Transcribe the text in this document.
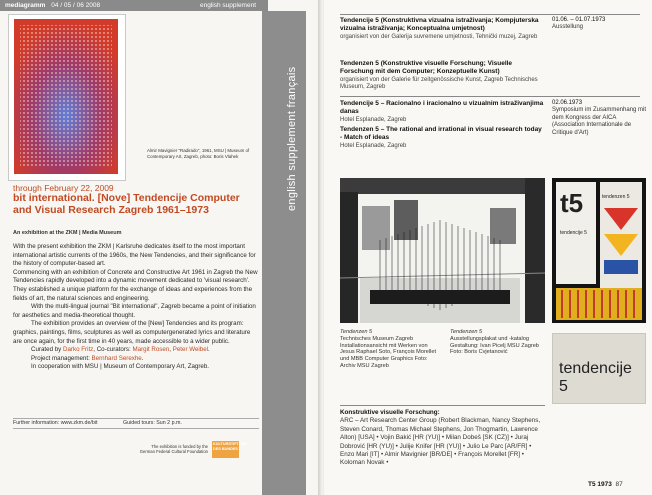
mediagramm 04 / 05 / 06 2008	english supplement
english supplement français
Almir Mavignier "Radirado", 1961, MSU | Museum of Contemporary Art, Zagreb, photo: Boris Vlahek
through February 22, 2009
bit international. [Nove] Tendencije Computer and Visual Research Zagreb 1961–1973
An exhibition at the ZKM | Media Museum

With the present exhibition the ZKM | Karlsruhe dedicates itself to the most important international artistic currents of the 1960s, the New Tendencies, and their significance for the history of computer-based art.

Commencing with an exhibition of Concrete and Constructive Art 1961 in Zagreb the New Tendencies rapidly developed into a dynamic movement dedicated to 'visual research'. They established a unique platform for the exchange of ideas and experiences from the fields of art, the natural sciences and engineering.

With the multi-lingual journal "Bit international", Zagreb became a point of initiation for aesthetics and media-theoretical thought.

The exhibition provides an overview of the [New] Tendencies and its program: graphics, paintings, films, sculptures as well as computergenerated lyrics and literature are once again, for the first time in 40 years, made accessible to a wider public.

Curated by Darko Fritz, Co-curators: Margit Rosen, Peter Weibel.

Project management: Bernhard Serexhe.

In cooperation with MSU | Museum of Contemporary Art, Zagreb.

Further information: www.zkm.de/bit	Guided tours: Sun 2 p.m.
The exhibition is funded by the German Federal Cultural Foundation
KULTURSTIFTUNG DES BUNDES
Tendencije 5 (Konstruktivna vizualna istraživanja; Kompjuterska vizualna istraživanja; Konceptualna umjetnost)
organisiert von der Galerija suvremene umjetnosti, Tehnički muzej, Zagreb
Tendenzen 5 (Konstruktive visuelle Forschung; Visuelle Forschung mit dem Computer; Konzeptuelle Kunst)
organisiert von der Galerie für zeitgenössische Kunst, Zagreb Technisches Museum, Zagreb
01.06. – 01.07.1973
Ausstellung
Tendencije 5 – Racionalno i iracionalno u vizualnim istraživanjima danas
Hotel Esplanade, Zagreb
Tendenzen 5 – The rational and irrational in visual research today - Match of ideas
Hotel Esplanade, Zagreb
02.06.1973
Symposium im Zusammenhang mit dem Kongress der AICA (Association Internationale de Critique d'Art)
t5
tendencije 5
tendenzen 5
Tendenzen 5
Technisches Museum Zagreb Installationsansicht mit Werken von Jesus Raphael Soto, François Morellet und MBB Computer Graphics Foto: Archiv MSU Zagreb
Tendenzen 5
Ausstellungsplakat und -katalog Gestaltung: Ivan Picelj MSU Zagreb Foto: Boris Cvjetanović
tendencije 5
Konstruktive visuelle Forschung:
ARC – Art Research Center Group (Robert Blackman, Nancy Stephens, Steven Conard, Thomas Michael Stephens, Jon Thogmartin, Lawrence Alton) [USA] • Vojin Bakić [HR (YU)] • Milan Dobeš [SK (CZ)] • Juraj Dobrović [HR (YU)] • Julije Knifer [HR (YU)] • Julio Le Parc [AR/FR] • Enzo Mari [IT] • Almir Mavignier [BR/DE] • François Morellet [FR] • Koloman Novak •
T5 1973 87
